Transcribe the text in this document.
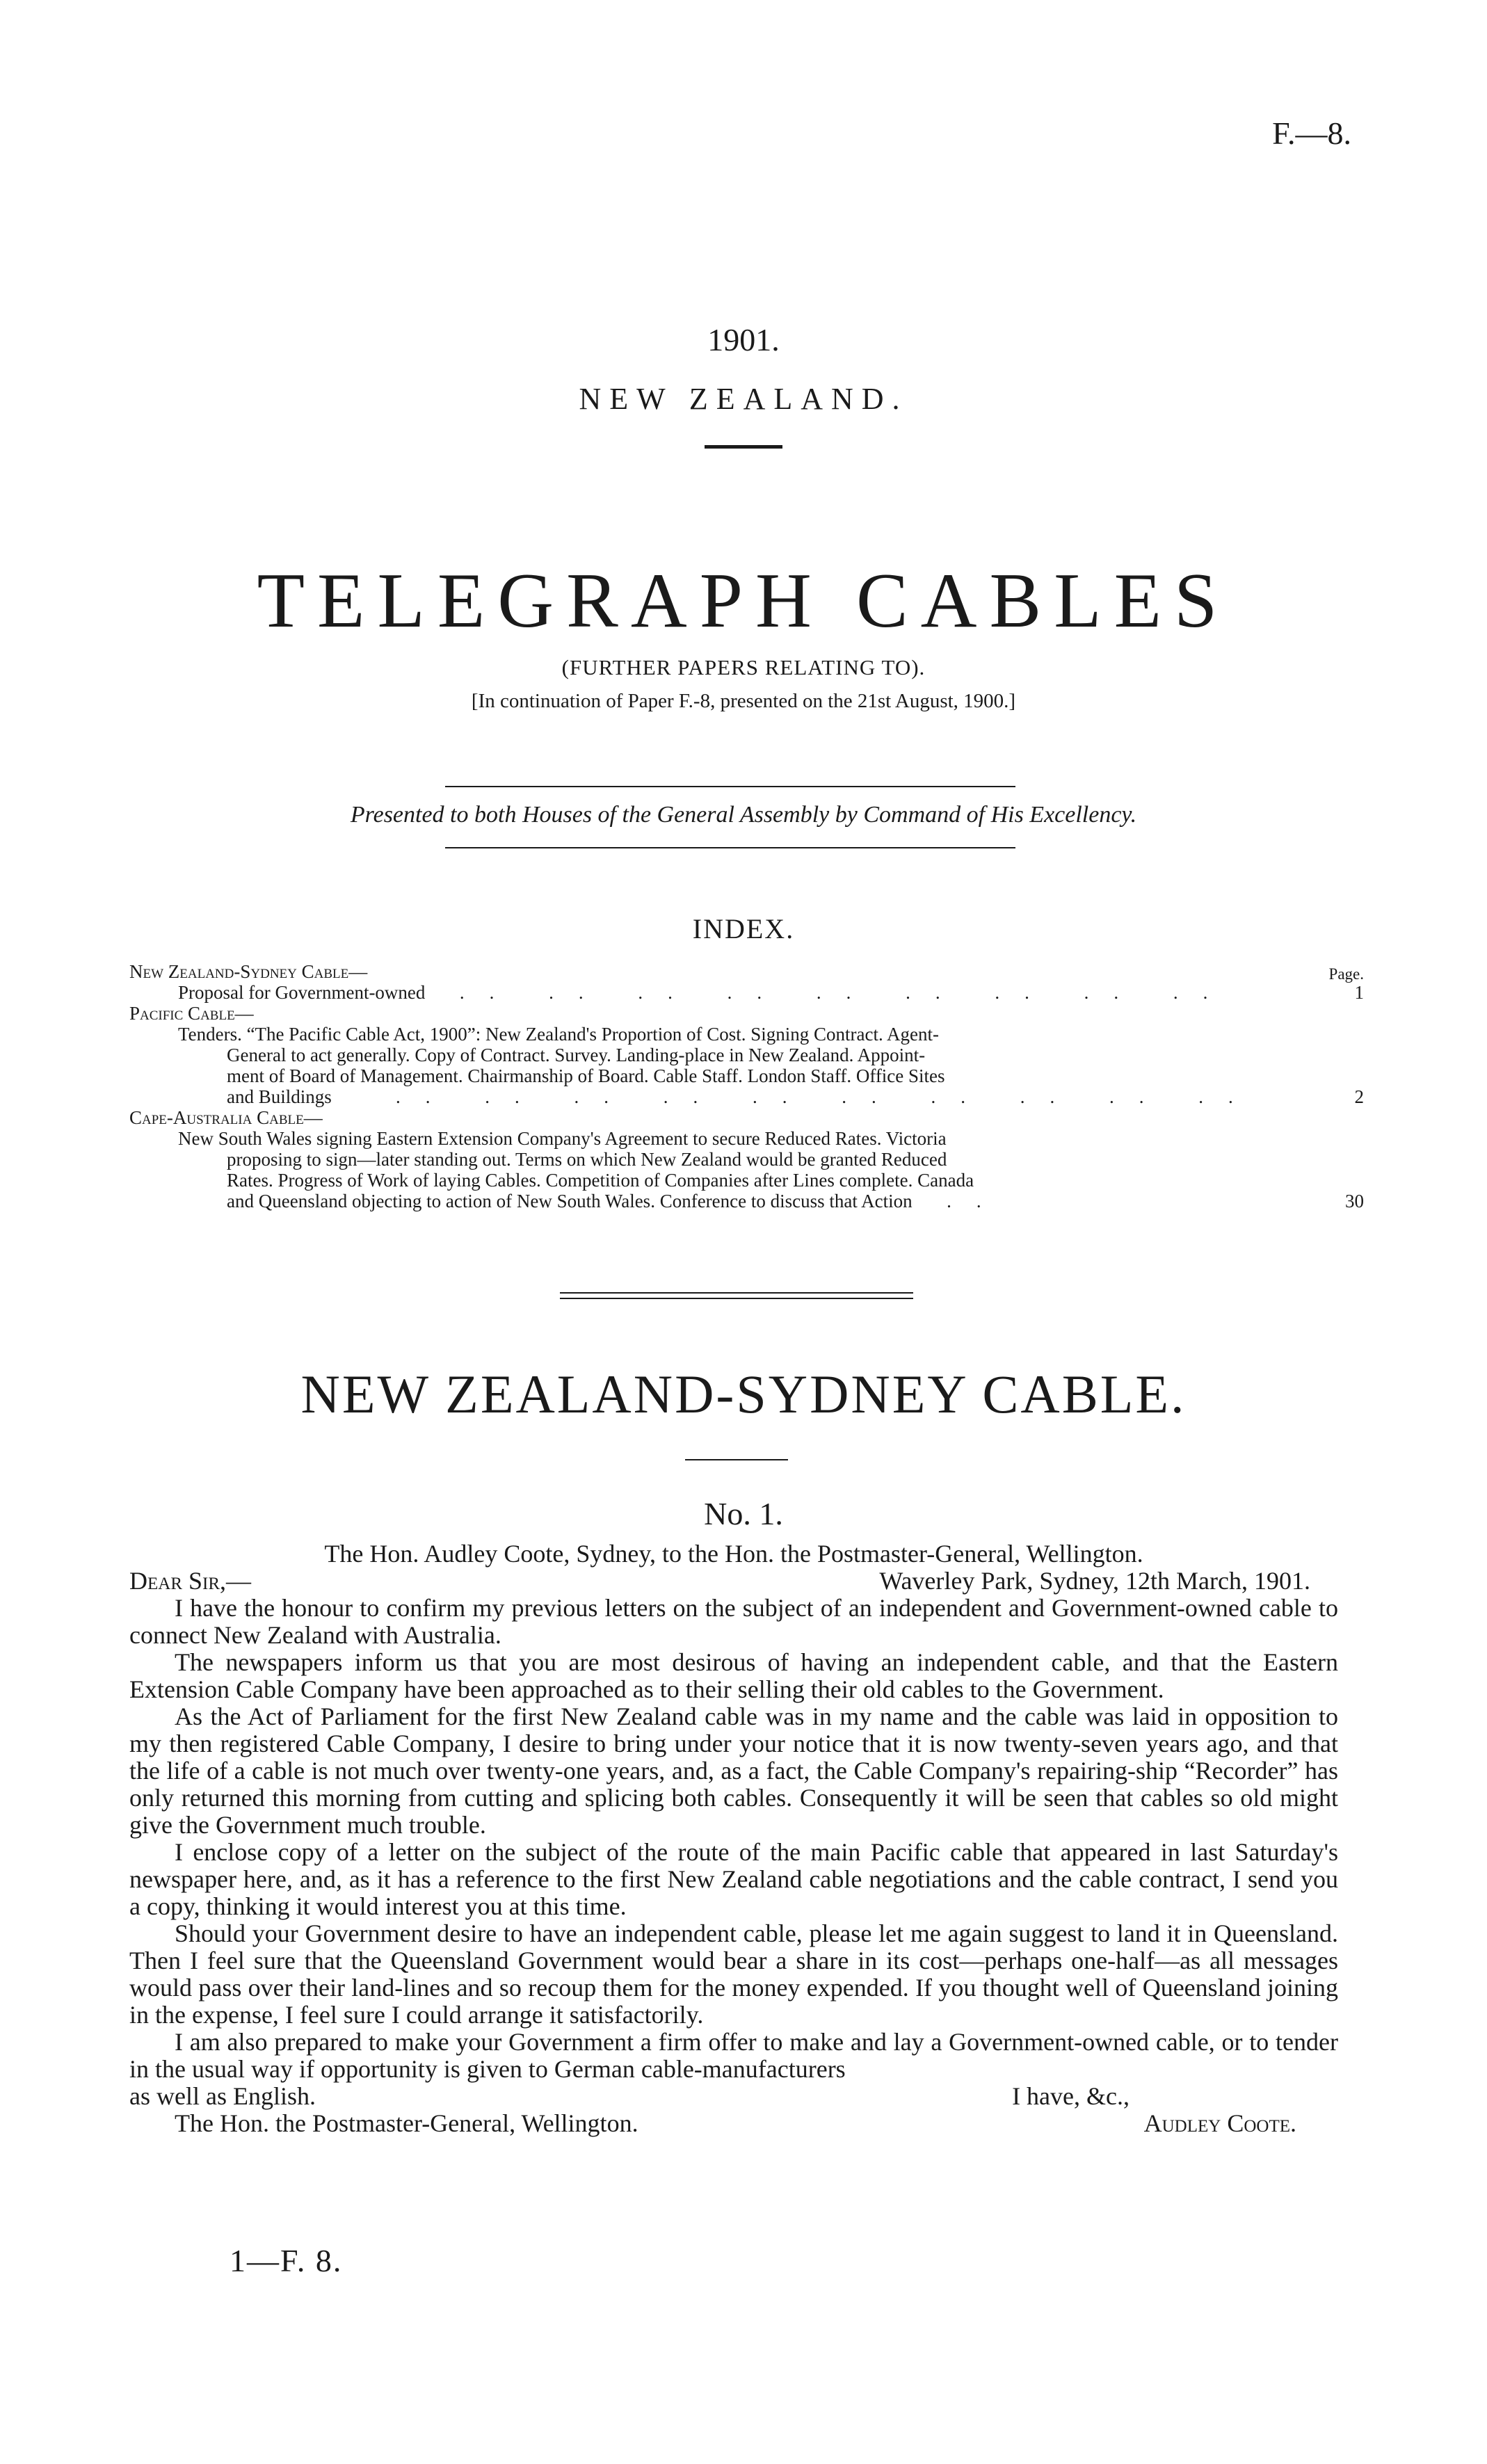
F.—8.
1901.
NEW ZEALAND.
TELEGRAPH CABLES
(FURTHER PAPERS RELATING TO).
[In continuation of Paper F.-8, presented on the 21st August, 1900.]
Presented to both Houses of the General Assembly by Command of His Excellency.
INDEX.
New Zealand-Sydney Cable—	Page.
Proposal for Government-owned  .. .. .. .. .. .. .. .. ..	1
Pacific Cable—
Tenders. “The Pacific Cable Act, 1900”: New Zealand's Proportion of Cost. Signing Contract. Agent-
General to act generally. Copy of Contract. Survey. Landing-place in New Zealand. Appoint-
ment of Board of Management. Chairmanship of Board. Cable Staff. London Staff. Office Sites
and Buildings   .. .. .. .. .. .. .. .. .. ..	2
Cape-Australia Cable—
New South Wales signing Eastern Extension Company's Agreement to secure Reduced Rates. Victoria
proposing to sign—later standing out. Terms on which New Zealand would be granted Reduced
Rates. Progress of Work of laying Cables. Competition of Companies after Lines complete. Canada
and Queensland objecting to action of New South Wales. Conference to discuss that Action  ..	30
NEW ZEALAND-SYDNEY CABLE.
No. 1.
The Hon. Audley Coote, Sydney, to the Hon. the Postmaster-General, Wellington.
Dear Sir,—	Waverley Park, Sydney, 12th March, 1901.

I have the honour to confirm my previous letters on the subject of an independent and Government-owned cable to connect New Zealand with Australia.

The newspapers inform us that you are most desirous of having an independent cable, and that the Eastern Extension Cable Company have been approached as to their selling their old cables to the Government.

As the Act of Parliament for the first New Zealand cable was in my name and the cable was laid in opposition to my then registered Cable Company, I desire to bring under your notice that it is now twenty-seven years ago, and that the life of a cable is not much over twenty-one years, and, as a fact, the Cable Company's repairing-ship “Recorder” has only returned this morning from cutting and splicing both cables. Consequently it will be seen that cables so old might give the Government much trouble.

I enclose copy of a letter on the subject of the route of the main Pacific cable that appeared in last Saturday's newspaper here, and, as it has a reference to the first New Zealand cable negotiations and the cable contract, I send you a copy, thinking it would interest you at this time.

Should your Government desire to have an independent cable, please let me again suggest to land it in Queensland. Then I feel sure that the Queensland Government would bear a share in its cost—perhaps one-half—as all messages would pass over their land-lines and so recoup them for the money expended. If you thought well of Queensland joining in the expense, I feel sure I could arrange it satisfactorily.

I am also prepared to make your Government a firm offer to make and lay a Government-owned cable, or to tender in the usual way if opportunity is given to German cable-manufacturers

as well as English.	I have, &c.,
The Hon. the Postmaster-General, Wellington.	Audley Coote.
1—F. 8.
